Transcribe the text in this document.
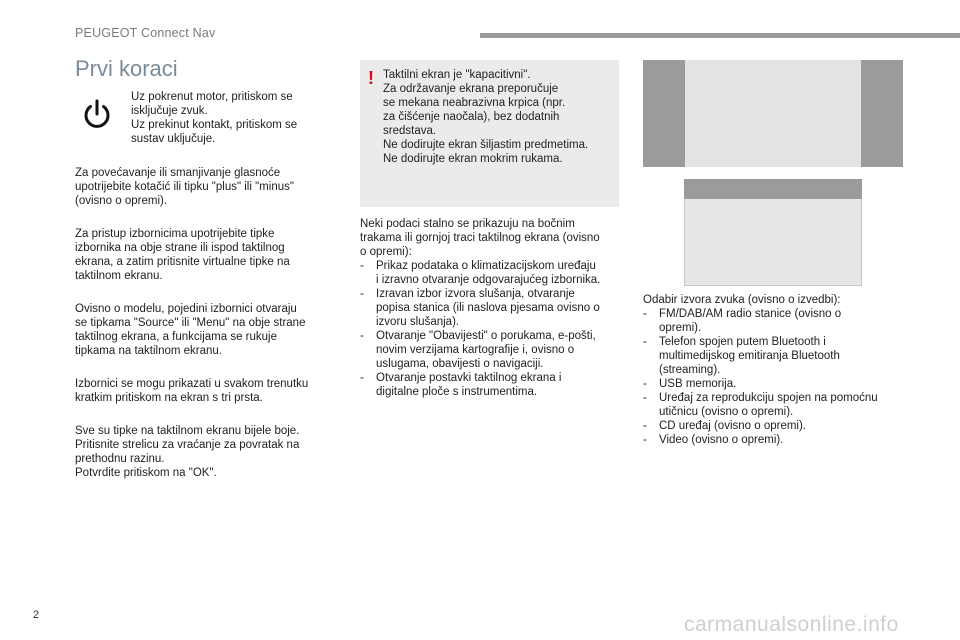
PEUGEOT Connect Nav
Prvi koraci

Uz pokrenut motor, pritiskom se

isključuje zvuk.

Uz prekinut kontakt, pritiskom se

sustav uključuje.

Za povećavanje ili smanjivanje glasnoće

upotrijebite kotačić ili tipku "plus" ili "minus"

(ovisno o opremi).

Za pristup izbornicima upotrijebite tipke

izbornika na obje strane ili ispod taktilnog

ekrana, a zatim pritisnite virtualne tipke na

taktilnom ekranu.

Ovisno o modelu, pojedini izbornici otvaraju

se tipkama "Source" ili "Menu" na obje strane

taktilnog ekrana, a funkcijama se rukuje

tipkama na taktilnom ekranu.

Izbornici se mogu prikazati u svakom trenutku

kratkim pritiskom na ekran s tri prsta.

Sve su tipke na taktilnom ekranu bijele boje.

Pritisnite strelicu za vraćanje za povratak na

prethodnu razinu.

Potvrdite pritiskom na "OK".

! Taktilni ekran je "kapacitivni".

Za održavanje ekrana preporučuje

se mekana neabrazivna krpica (npr.

za čišćenje naočala), bez dodatnih

sredstava.

Ne dodirujte ekran šiljastim predmetima.

Ne dodirujte ekran mokrim rukama.

Neki podaci stalno se prikazuju na bočnim

trakama ili gornjoj traci taktilnog ekrana (ovisno

o opremi):

- Prikaz podataka o klimatizacijskom uređaju
i izravno otvaranje odgovarajućeg izbornika.
- Izravan izbor izvora slušanja, otvaranje
popisa stanica (ili naslova pjesama ovisno o
izvoru slušanja).
- Otvaranje "Obavijesti" o porukama, e-pošti,
novim verzijama kartografije i, ovisno o
uslugama, obavijesti o navigaciji.
- Otvaranje postavki taktilnog ekrana i
digitalne ploče s instrumentima.

Odabir izvora zvuka (ovisno o izvedbi):

- FM/DAB/AM radio stanice (ovisno o
opremi).
- Telefon spojen putem Bluetooth i
multimedijskog emitiranja Bluetooth
(streaming).
- USB memorija.
- Uređaj za reprodukciju spojen na pomoćnu
utičnicu (ovisno o opremi).
- CD uređaj (ovisno o opremi).
- Video (ovisno o opremi).
2	carmanualsonline.info
